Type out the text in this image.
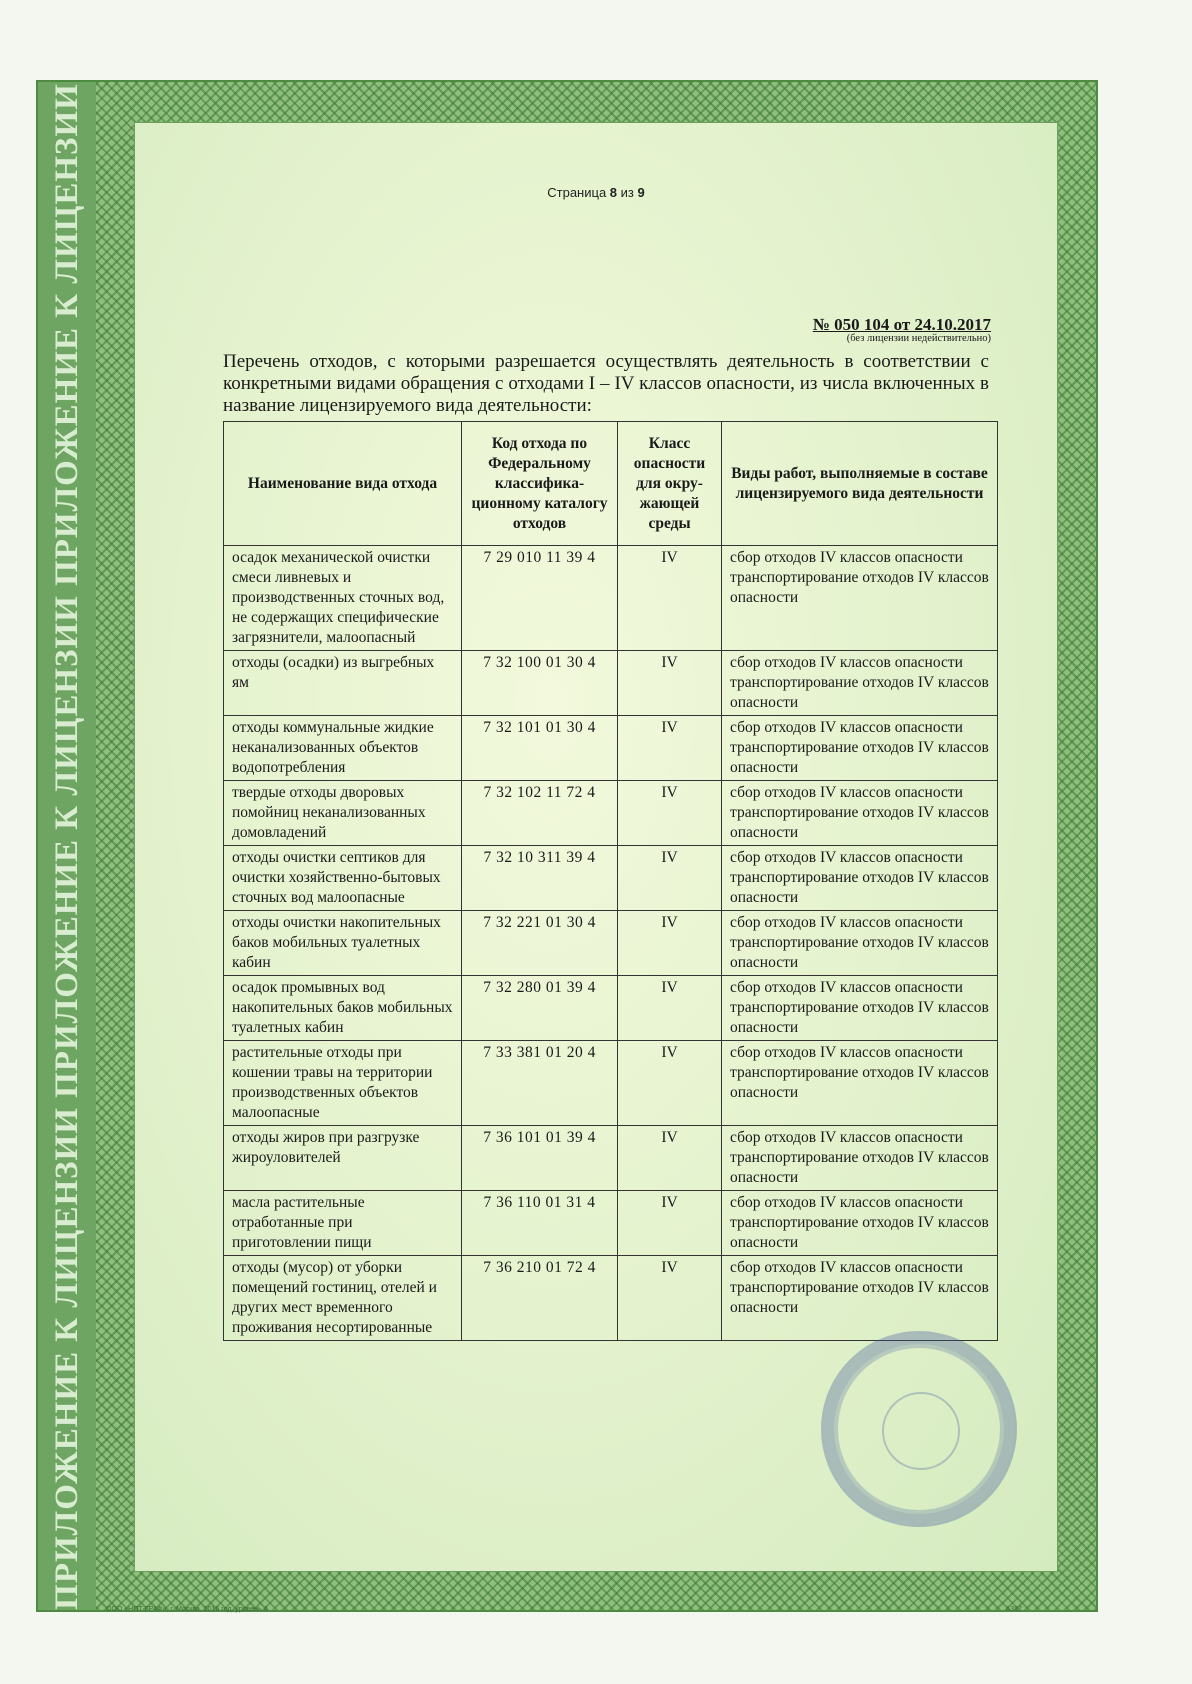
ПРИЛОЖЕНИЕ К ЛИЦЕНЗИИ ПРИЛОЖЕНИЕ К ЛИЦЕНЗИИ ПРИЛОЖЕНИЕ К ЛИЦЕНЗИИ	Страница 8 из 9
№ 050 104 от 24.10.2017
(без лицензии недействительно)
Перечень отходов, с которыми разрешается осуществлять деятельность в соответствии с конкретными видами обращения с отходами I – IV классов опасности, из числа включенных в название лицензируемого вида деятельности:
Наименование вида отхода	Код отхода по Федеральному классифика-ционному каталогу отходов	Класс опасности для окру-жающей среды	Виды работ, выполняемые в составе лицензируемого вида деятельности
осадок механической очистки смеси ливневых и производственных сточных вод, не содержащих специфические загрязнители, малоопасный	7 29 010 11 39 4	IV	сбор отходов IV классов опасности транспортирование отходов IV классов опасности
отходы (осадки) из выгребных ям	7 32 100 01 30 4	IV	сбор отходов IV классов опасности транспортирование отходов IV классов опасности
отходы коммунальные жидкие неканализованных объектов водопотребления	7 32 101 01 30 4	IV	сбор отходов IV классов опасности транспортирование отходов IV классов опасности
твердые отходы дворовых помойниц неканализованных домовладений	7 32 102 11 72 4	IV	сбор отходов IV классов опасности транспортирование отходов IV классов опасности
отходы очистки септиков для очистки хозяйственно-бытовых сточных вод малоопасные	7 32 10 311 39 4	IV	сбор отходов IV классов опасности транспортирование отходов IV классов опасности
отходы очистки накопительных баков мобильных туалетных кабин	7 32 221 01 30 4	IV	сбор отходов IV классов опасности транспортирование отходов IV классов опасности
осадок промывных вод накопительных баков мобильных туалетных кабин	7 32 280 01 39 4	IV	сбор отходов IV классов опасности транспортирование отходов IV классов опасности
растительные отходы при кошении травы на территории производственных объектов малоопасные	7 33 381 01 20 4	IV	сбор отходов IV классов опасности транспортирование отходов IV классов опасности
отходы жиров при разгрузке жироуловителей	7 36 101 01 39 4	IV	сбор отходов IV классов опасности транспортирование отходов IV классов опасности
масла растительные отработанные при приготовлении пищи	7 36 110 01 31 4	IV	сбор отходов IV классов опасности транспортирование отходов IV классов опасности
отходы (мусор) от уборки помещений гостиниц, отелей и других мест временного проживания несортированные	7 36 210 01 72 4	IV	сбор отходов IV классов опасности транспортирование отходов IV классов опасности
ООО «НПТ-ГРАФ», г. Москва, 2016 год, уровень А	А387
